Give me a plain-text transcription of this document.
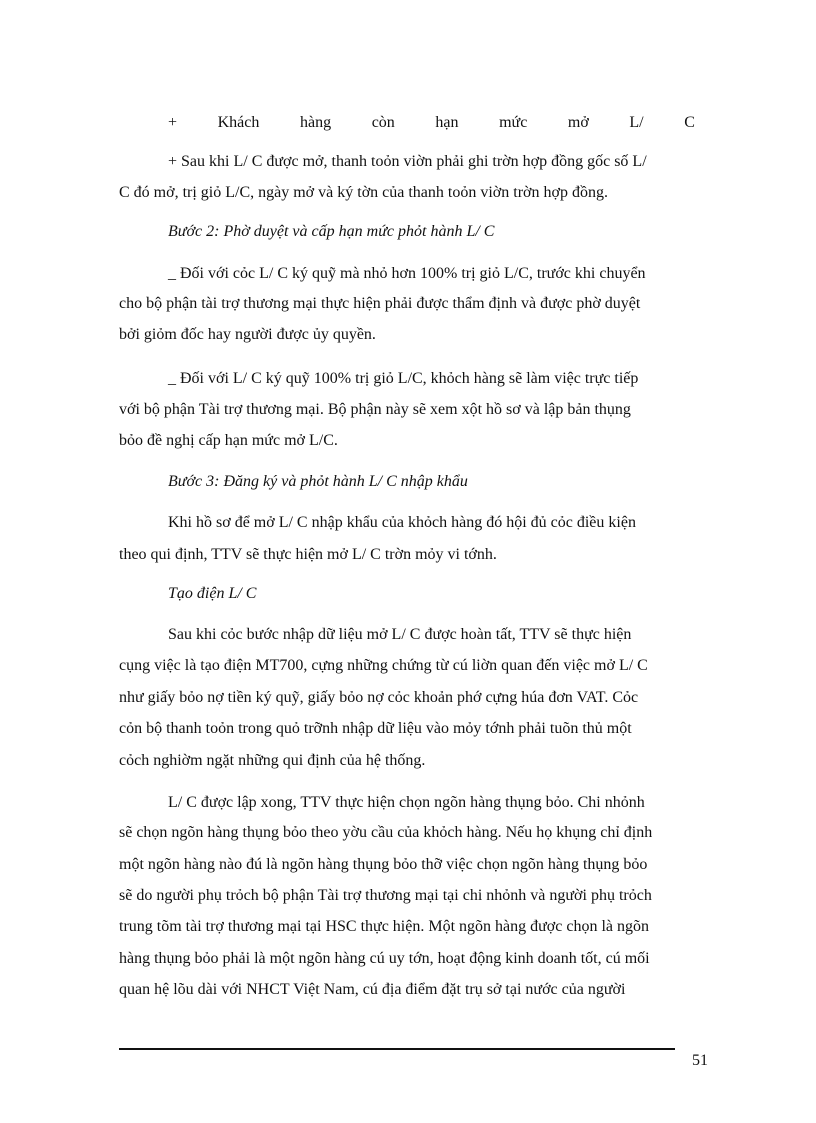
+	Khách	hàng	còn	hạn	mức	mở	L/	C
+ Sau khi L/ C được mở, thanh toỏn viờn phải ghi trờn hợp đồng gốc số L/
C đó mở, trị giỏ L/C, ngày mở và ký tờn của thanh toỏn viờn trờn hợp đồng.
Bước 2: Phờ duyệt và cấp hạn mức phỏt hành L/ C
_ Đối với cỏc L/ C ký quỹ mà nhỏ hơn 100% trị giỏ L/C, trước khi chuyển
cho bộ phận tài trợ thương mại thực hiện phải được thẩm định và được phờ duyệt
bởi giỏm đốc hay người được ủy quyền.
_ Đối với L/ C ký quỹ 100% trị giỏ L/C, khỏch hàng sẽ làm việc trực tiếp
với bộ phận Tài trợ thương mại. Bộ phận này sẽ xem xột hồ sơ và lập bản thụng
bỏo đề nghị cấp hạn mức mở L/C.
Bước 3: Đăng ký và phỏt hành L/ C nhập khẩu
Khi hồ sơ để mở L/ C nhập khẩu của khỏch hàng đó hội đủ cỏc điều kiện
theo qui định, TTV sẽ thực hiện mở L/ C trờn mỏy vi tớnh.
Tạo điện L/ C
Sau khi cỏc bước nhập dữ liệu mở L/ C được hoàn tất, TTV sẽ thực hiện
cụng việc là tạo điện MT700, cựng những chứng từ cú liờn quan đến việc mở L/ C
như giấy bỏo nợ tiền ký quỹ, giấy bỏo nợ cỏc khoản phớ cựng húa đơn VAT. Cỏc
cỏn bộ thanh toỏn trong quỏ trỡnh nhập dữ liệu vào mỏy tớnh phải tuõn thủ một
cỏch nghiờm ngặt những qui định của hệ thống.
L/ C được lập xong, TTV thực hiện chọn ngõn hàng thụng bỏo. Chi nhỏnh
sẽ chọn ngõn hàng thụng bỏo theo yờu cầu của khỏch hàng. Nếu họ khụng chỉ định
một ngõn hàng nào đú là ngõn hàng thụng bỏo thỡ việc chọn ngõn hàng thụng bỏo
sẽ do người phụ trỏch bộ phận Tài trợ thương mại tại chi nhỏnh và người phụ trỏch
trung tõm tài trợ thương mại tại HSC thực hiện. Một ngõn hàng được chọn là ngõn
hàng thụng bỏo phải là một ngõn hàng cú uy tớn, hoạt động kinh doanh tốt, cú mối
quan hệ lõu dài với NHCT Việt Nam, cú địa điểm đặt trụ sở tại nước của người
51
